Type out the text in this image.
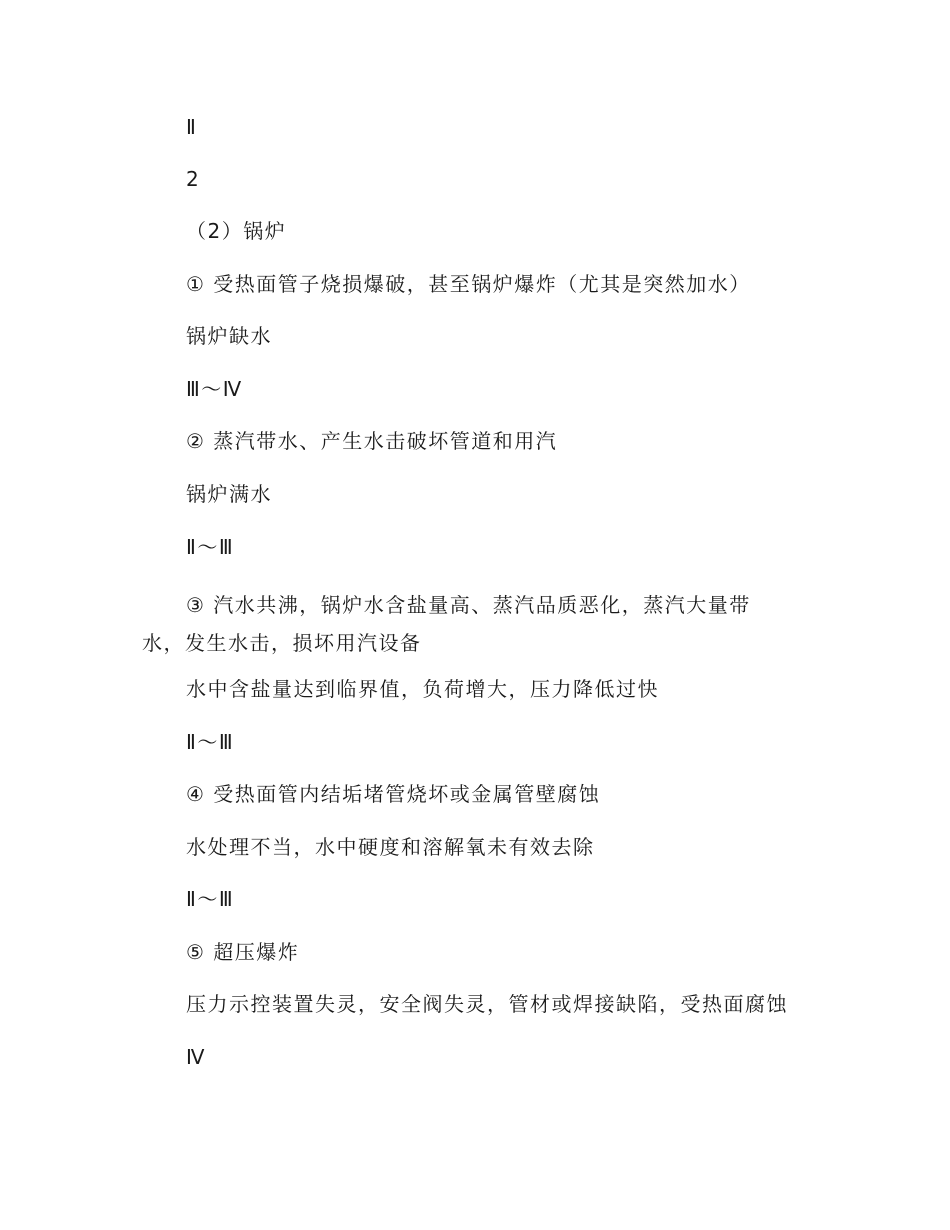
Ⅱ
2
（2）锅炉
① 受热面管子烧损爆破，甚至锅炉爆炸（尤其是突然加水）
锅炉缺水
Ⅲ～Ⅳ
② 蒸汽带水、产生水击破坏管道和用汽
锅炉满水
Ⅱ～Ⅲ
③ 汽水共沸，锅炉水含盐量高、蒸汽品质恶化，蒸汽大量带水，发生水击，损坏用汽设备
水中含盐量达到临界值，负荷增大，压力降低过快
Ⅱ～Ⅲ
④ 受热面管内结垢堵管烧坏或金属管壁腐蚀
水处理不当，水中硬度和溶解氧未有效去除
Ⅱ～Ⅲ
⑤ 超压爆炸
压力示控装置失灵，安全阀失灵，管材或焊接缺陷，受热面腐蚀
Ⅳ
